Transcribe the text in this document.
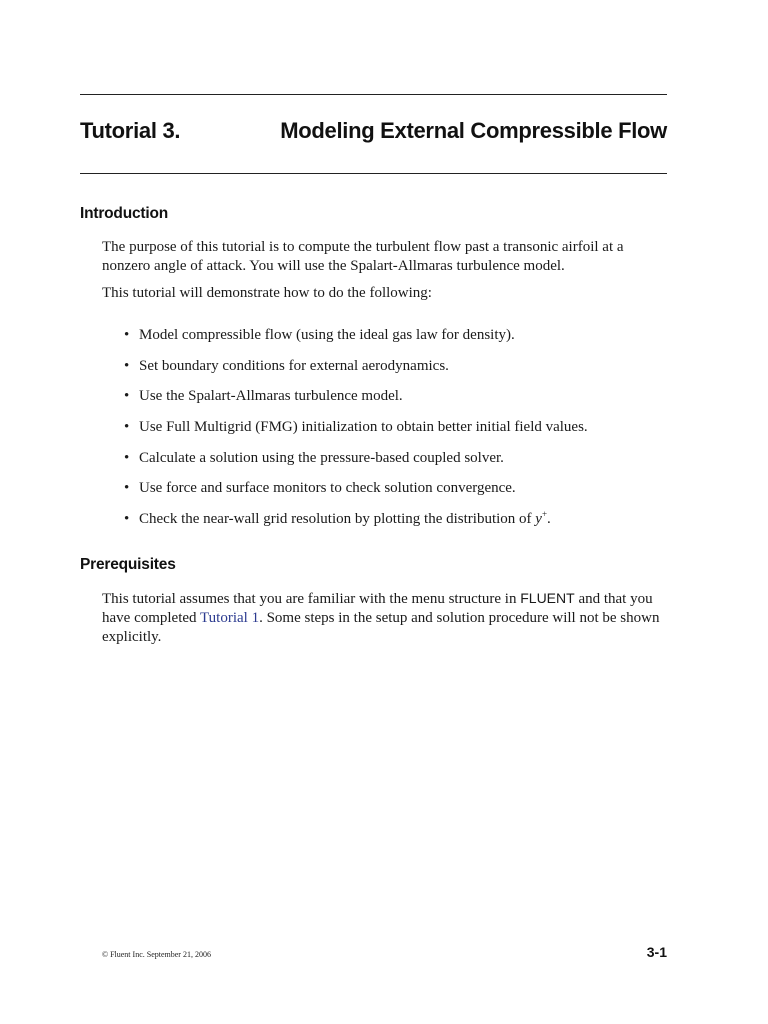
Tutorial 3.	Modeling External Compressible Flow
Introduction

The purpose of this tutorial is to compute the turbulent flow past a transonic airfoil at a nonzero angle of attack. You will use the Spalart-Allmaras turbulence model.

This tutorial will demonstrate how to do the following:

• Model compressible flow (using the ideal gas law for density).
• Set boundary conditions for external aerodynamics.
• Use the Spalart-Allmaras turbulence model.
• Use Full Multigrid (FMG) initialization to obtain better initial field values.
• Calculate a solution using the pressure-based coupled solver.
• Use force and surface monitors to check solution convergence.
• Check the near-wall grid resolution by plotting the distribution of y+.
Prerequisites

This tutorial assumes that you are familiar with the menu structure in FLUENT and that you have completed Tutorial 1. Some steps in the setup and solution procedure will not be shown explicitly.

© Fluent Inc. September 21, 2006	3-1
